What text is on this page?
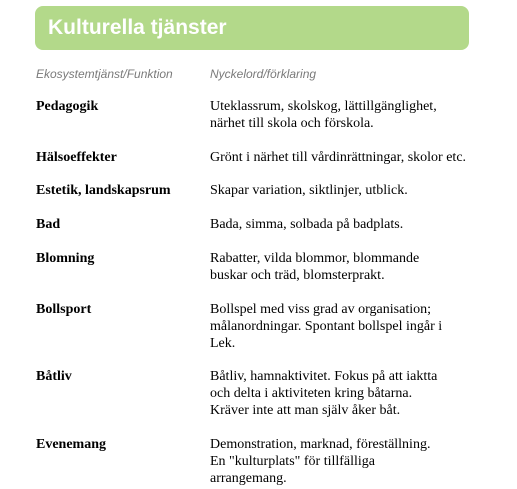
Kulturella tjänster
Ekosystemtjänst/Funktion	Nyckelord/förklaring
Pedagogik	Uteklassrum, skolskog, lättillgänglighet,
närhet till skola och förskola.
Hälsoeffekter	Grönt i närhet till vårdinrättningar, skolor etc.
Estetik, landskapsrum	Skapar variation, siktlinjer, utblick.
Bad	Bada, simma, solbada på badplats.
Blomning	Rabatter, vilda blommor, blommande
buskar och träd, blomsterprakt.
Bollsport	Bollspel med viss grad av organisation;
målanordningar. Spontant bollspel ingår i
Lek.
Båtliv	Båtliv, hamnaktivitet. Fokus på att iaktta
och delta i aktiviteten kring båtarna.
Kräver inte att man själv åker båt.
Evenemang	Demonstration, marknad, föreställning.
En "kulturplats" för tillfälliga
arrangemang.
